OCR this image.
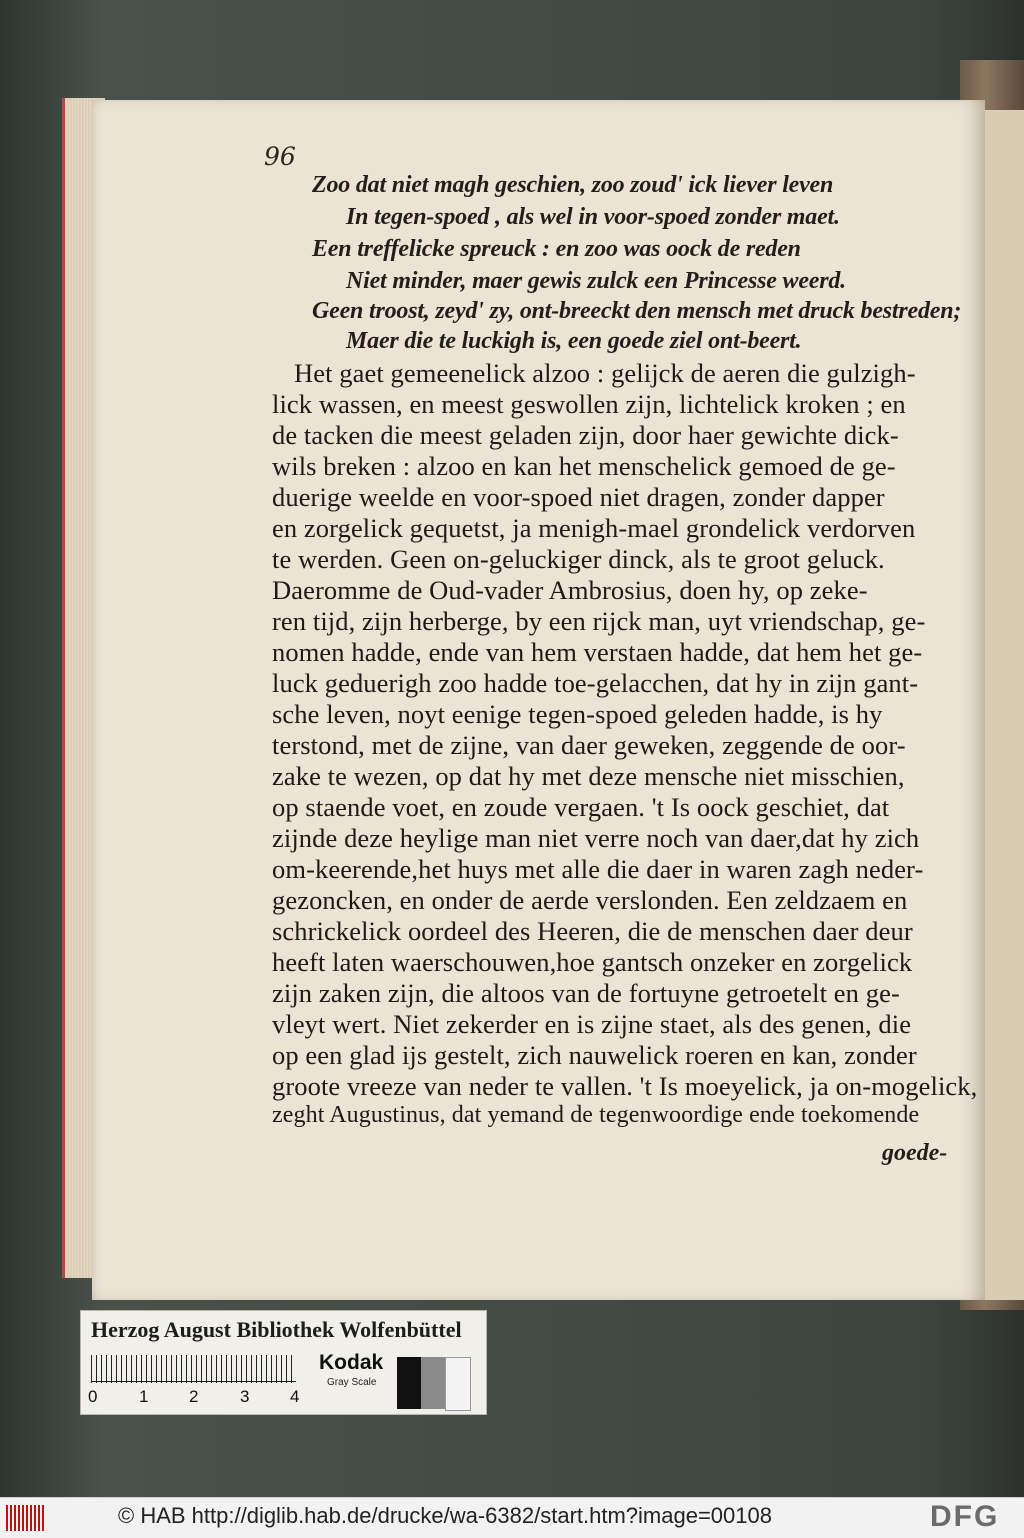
96
Zoo dat niet magh geschien, zoo zoud' ick liever leven
In tegen-spoed , als wel in voor-spoed zonder maet.
Een treffelicke spreuck : en zoo was oock de reden
Niet minder, maer gewis zulck een Princesse weerd.
Geen troost, zeyd' zy, ont-breeckt den mensch met druck bestreden;
Maer die te luckigh is, een goede ziel ont-beert.
Het gaet gemeenelick alzoo : gelijck de aeren die gulzigh-
lick wassen, en meest geswollen zijn, lichtelick kroken ; en
de tacken die meest geladen zijn, door haer gewichte dick-
wils breken : alzoo en kan het menschelick gemoed de ge-
duerige weelde en voor-spoed niet dragen, zonder dapper
en zorgelick gequetst, ja menigh-mael grondelick verdorven
te werden. Geen on-geluckiger dinck, als te groot geluck.
Daeromme de Oud-vader Ambrosius, doen hy, op zeke-
ren tijd, zijn herberge, by een rijck man, uyt vriendschap, ge-
nomen hadde, ende van hem verstaen hadde, dat hem het ge-
luck geduerigh zoo hadde toe-gelacchen, dat hy in zijn gant-
sche leven, noyt eenige tegen-spoed geleden hadde, is hy
terstond, met de zijne, van daer geweken, zeggende de oor-
zake te wezen, op dat hy met deze mensche niet misschien,
op staende voet, en zoude vergaen. 't Is oock geschiet, dat
zijnde deze heylige man niet verre noch van daer,dat hy zich
om-keerende,het huys met alle die daer in waren zagh neder-
gezoncken, en onder de aerde verslonden. Een zeldzaem en
schrickelick oordeel des Heeren, die de menschen daer deur
heeft laten waerschouwen,hoe gantsch onzeker en zorgelick
zijn zaken zijn, die altoos van de fortuyne getroetelt en ge-
vleyt wert. Niet zekerder en is zijne staet, als des genen, die
op een glad ijs gestelt, zich nauwelick roeren en kan, zonder
groote vreeze van neder te vallen. 't Is moeyelick, ja on-mogelick,
zeght Augustinus, dat yemand de tegenwoordige ende toekomende
goede-
Herzog August Bibliothek Wolfenbüttel
0 1 2 3 4
Kodak
Gray Scale
© HAB http://diglib.hab.de/drucke/wa-6382/start.htm?image=00108	DFG
